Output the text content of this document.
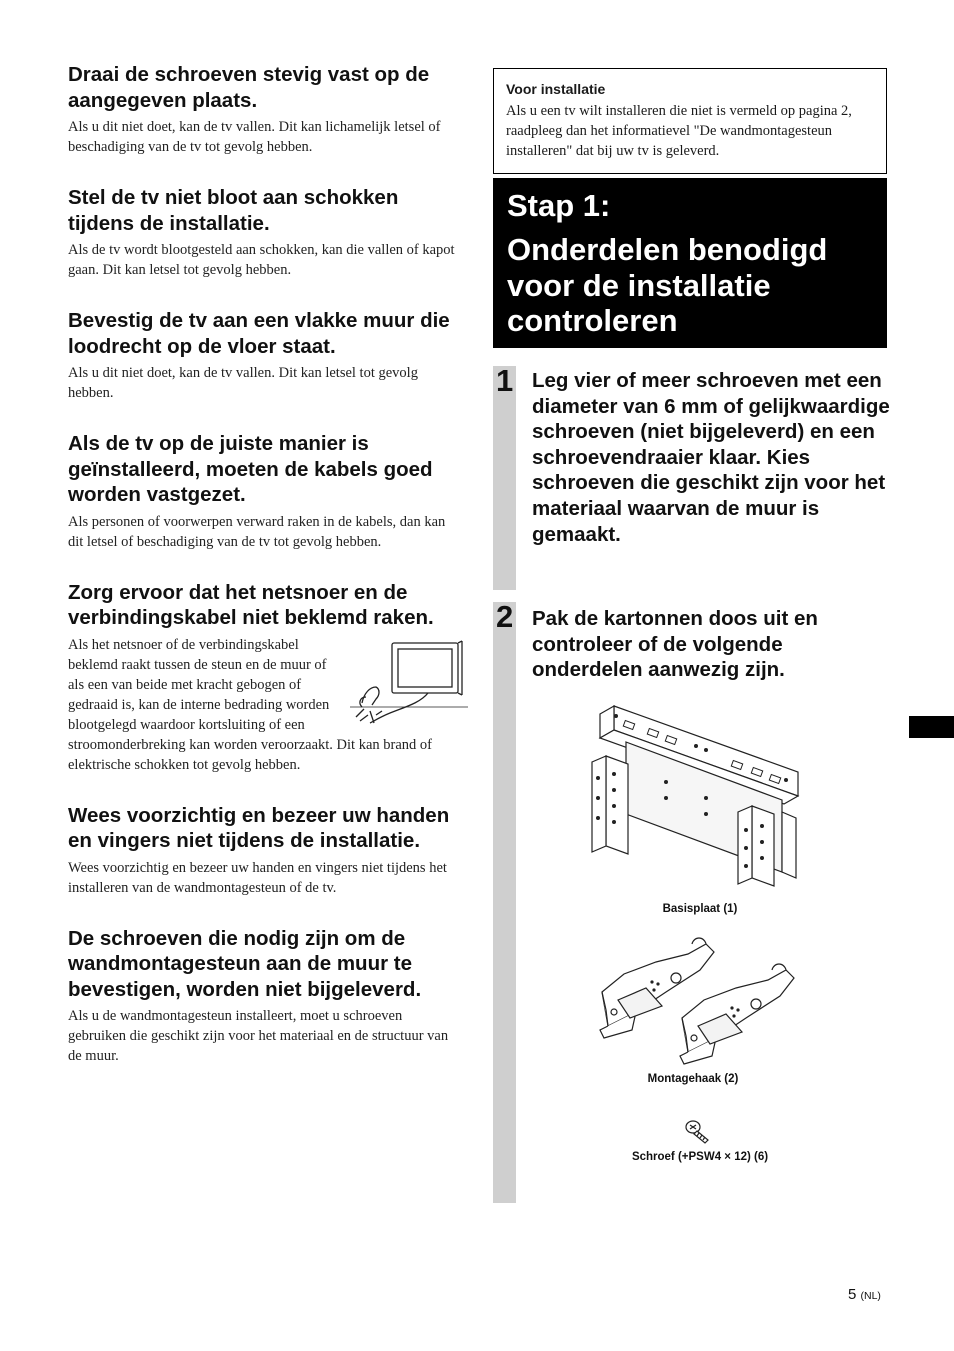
Draai de schroeven stevig vast op de aangegeven plaats.

Als u dit niet doet, kan de tv vallen. Dit kan lichamelijk letsel of beschadiging van de tv tot gevolg hebben.

Stel de tv niet bloot aan schokken tijdens de installatie.

Als de tv wordt blootgesteld aan schokken, kan die vallen of kapot gaan. Dit kan letsel tot gevolg hebben.

Bevestig de tv aan een vlakke muur die loodrecht op de vloer staat.

Als u dit niet doet, kan de tv vallen. Dit kan letsel tot gevolg hebben.

Als de tv op de juiste manier is geïnstalleerd, moeten de kabels goed worden vastgezet.

Als personen of voorwerpen verward raken in de kabels, dan kan dit letsel of beschadiging van de tv tot gevolg hebben.

Zorg ervoor dat het netsnoer en de verbindingskabel niet beklemd raken.

Als het netsnoer of de verbindingskabel beklemd raakt tussen de steun en de muur of als een van beide met kracht gebogen of gedraaid is, kan de interne bedrading worden blootgelegd waardoor kortsluiting of een stroomonderbreking kan worden veroorzaakt. Dit kan brand of elektrische schokken tot gevolg hebben.

Wees voorzichtig en bezeer uw handen en vingers niet tijdens de installatie.

Wees voorzichtig en bezeer uw handen en vingers niet tijdens het installeren van de wandmontagesteun of de tv.

De schroeven die nodig zijn om de wandmontagesteun aan de muur te bevestigen, worden niet bijgeleverd.

Als u de wandmontagesteun installeert, moet u schroeven gebruiken die geschikt zijn voor het materiaal en de structuur van de muur.

Voor installatie

Als u een tv wilt installeren die niet is vermeld op pagina 2, raadpleeg dan het informatievel "De wandmontagesteun installeren" dat bij uw tv is geleverd.

Stap 1:
Onderdelen benodigd voor de installatie controleren
1 Leg vier of meer schroeven met een diameter van 6 mm of gelijkwaardige schroeven (niet bijgeleverd) en een schroevendraaier klaar. Kies schroeven die geschikt zijn voor het materiaal waarvan de muur is gemaakt.
2 Pak de kartonnen doos uit en controleer of de volgende onderdelen aanwezig zijn.
Basisplaat (1)
Montagehaak (2)
Schroef (+PSW4 × 12) (6)
5 (NL)
